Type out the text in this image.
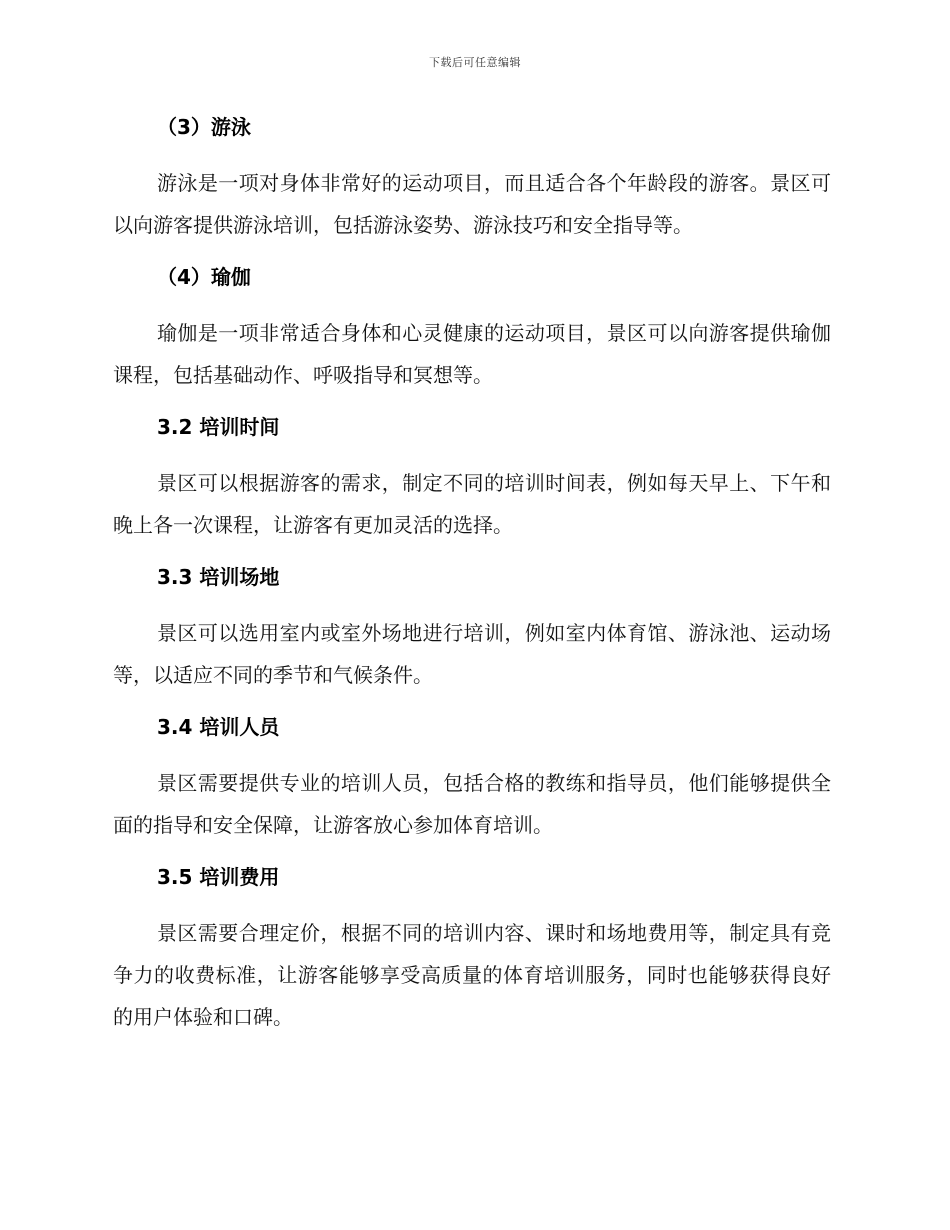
下载后可任意编辑
（3）游泳

游泳是一项对身体非常好的运动项目，而且适合各个年龄段的游客。景区可以向游客提供游泳培训，包括游泳姿势、游泳技巧和安全指导等。

（4）瑜伽

瑜伽是一项非常适合身体和心灵健康的运动项目，景区可以向游客提供瑜伽课程，包括基础动作、呼吸指导和冥想等。

3.2 培训时间

景区可以根据游客的需求，制定不同的培训时间表，例如每天早上、下午和晚上各一次课程，让游客有更加灵活的选择。

3.3 培训场地

景区可以选用室内或室外场地进行培训，例如室内体育馆、游泳池、运动场等，以适应不同的季节和气候条件。

3.4 培训人员

景区需要提供专业的培训人员，包括合格的教练和指导员，他们能够提供全面的指导和安全保障，让游客放心参加体育培训。

3.5 培训费用

景区需要合理定价，根据不同的培训内容、课时和场地费用等，制定具有竞争力的收费标准，让游客能够享受高质量的体育培训服务，同时也能够获得良好的用户体验和口碑。
